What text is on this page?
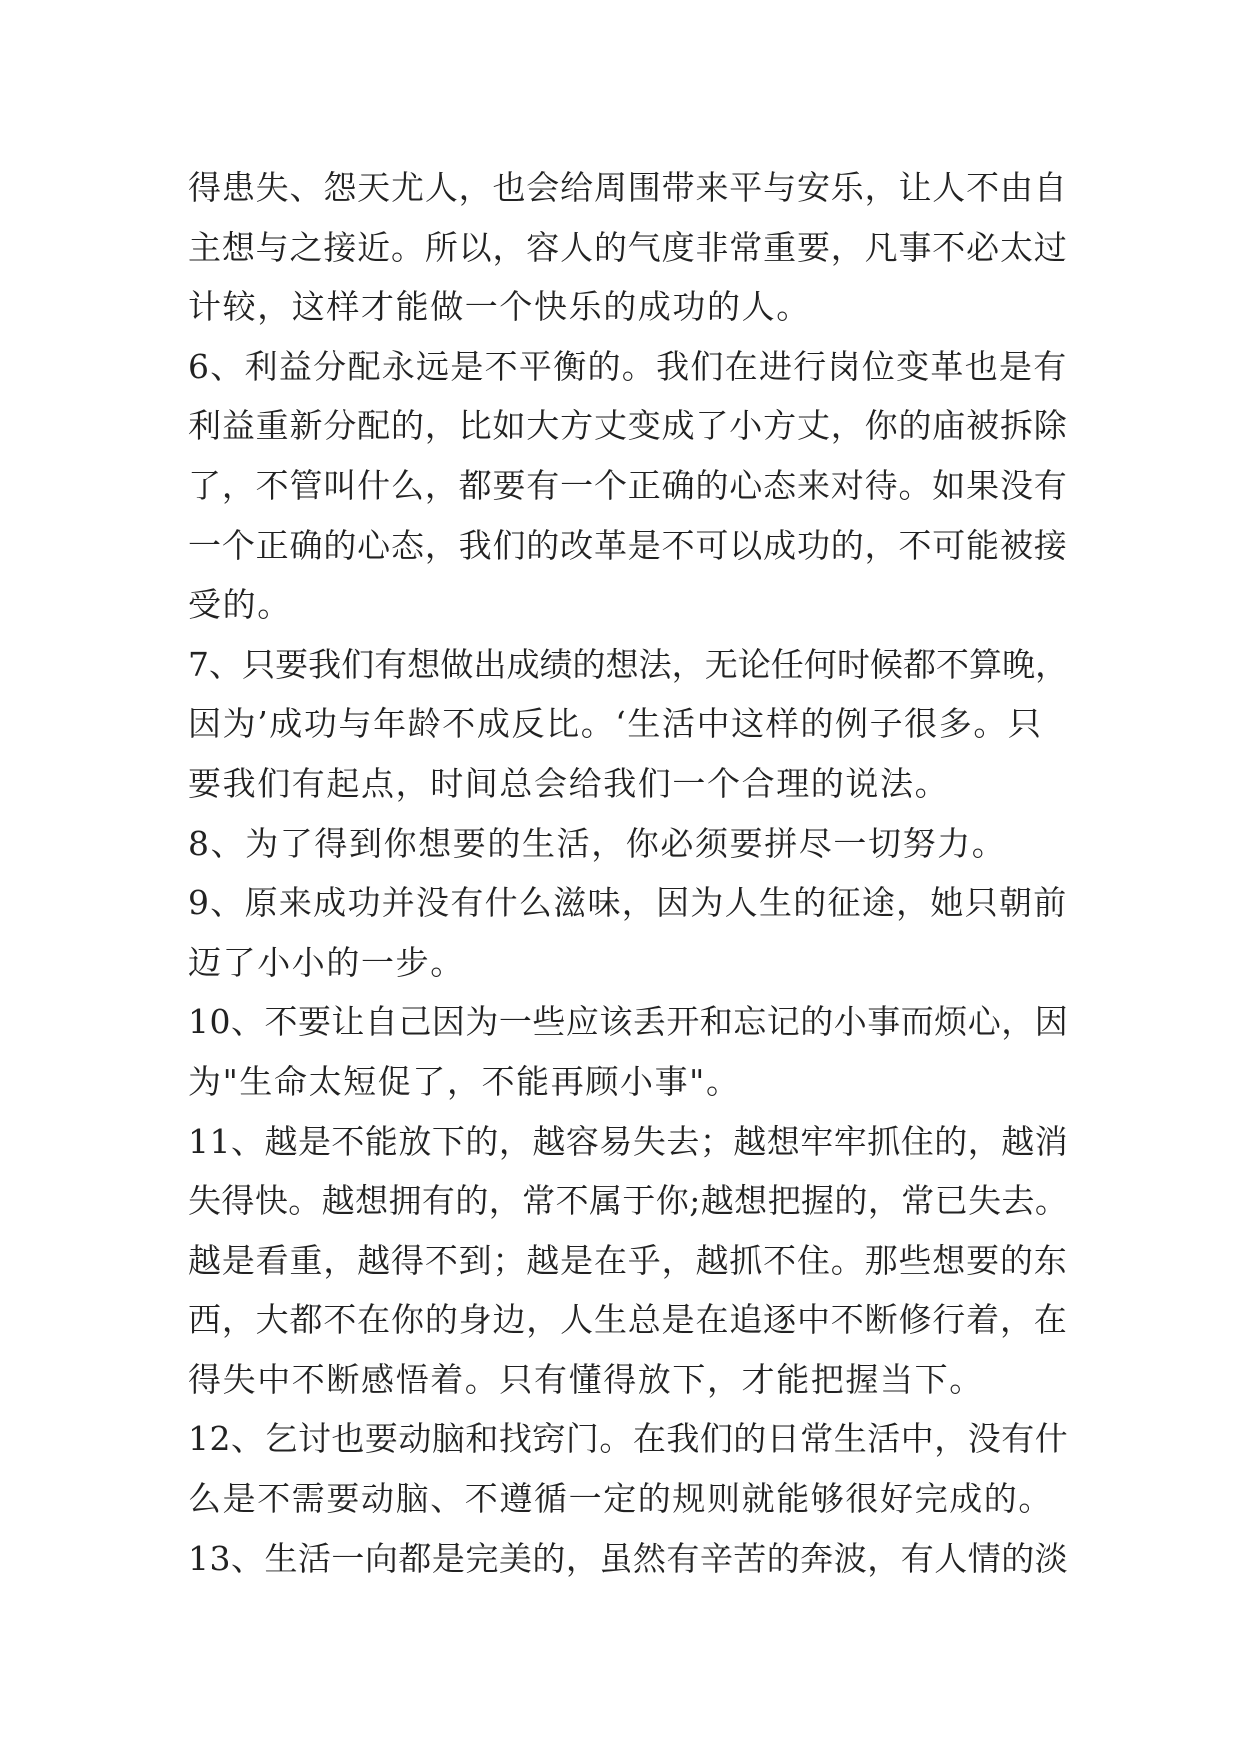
得患失、怨天尤人，也会给周围带来平与安乐，让人不由自
主想与之接近。所以，容人的气度非常重要，凡事不必太过
计较，这样才能做一个快乐的成功的人。
6、利益分配永远是不平衡的。我们在进行岗位变革也是有
利益重新分配的，比如大方丈变成了小方丈，你的庙被拆除
了，不管叫什么，都要有一个正确的心态来对待。如果没有
一个正确的心态，我们的改革是不可以成功的，不可能被接
受的。
7、只要我们有想做出成绩的想法，无论任何时候都不算晚，
因为’成功与年龄不成反比。‘生活中这样的例子很多。只
要我们有起点，时间总会给我们一个合理的说法。
8、为了得到你想要的生活，你必须要拼尽一切努力。
9、原来成功并没有什么滋味，因为人生的征途，她只朝前
迈了小小的一步。
10、不要让自己因为一些应该丢开和忘记的小事而烦心，因
为"生命太短促了，不能再顾小事"。
11、越是不能放下的，越容易失去；越想牢牢抓住的，越消
失得快。越想拥有的，常不属于你;越想把握的，常已失去。
越是看重，越得不到；越是在乎，越抓不住。那些想要的东
西，大都不在你的身边，人生总是在追逐中不断修行着，在
得失中不断感悟着。只有懂得放下，才能把握当下。
12、乞讨也要动脑和找窍门。在我们的日常生活中，没有什
么是不需要动脑、不遵循一定的规则就能够很好完成的。
13、生活一向都是完美的，虽然有辛苦的奔波，有人情的淡
